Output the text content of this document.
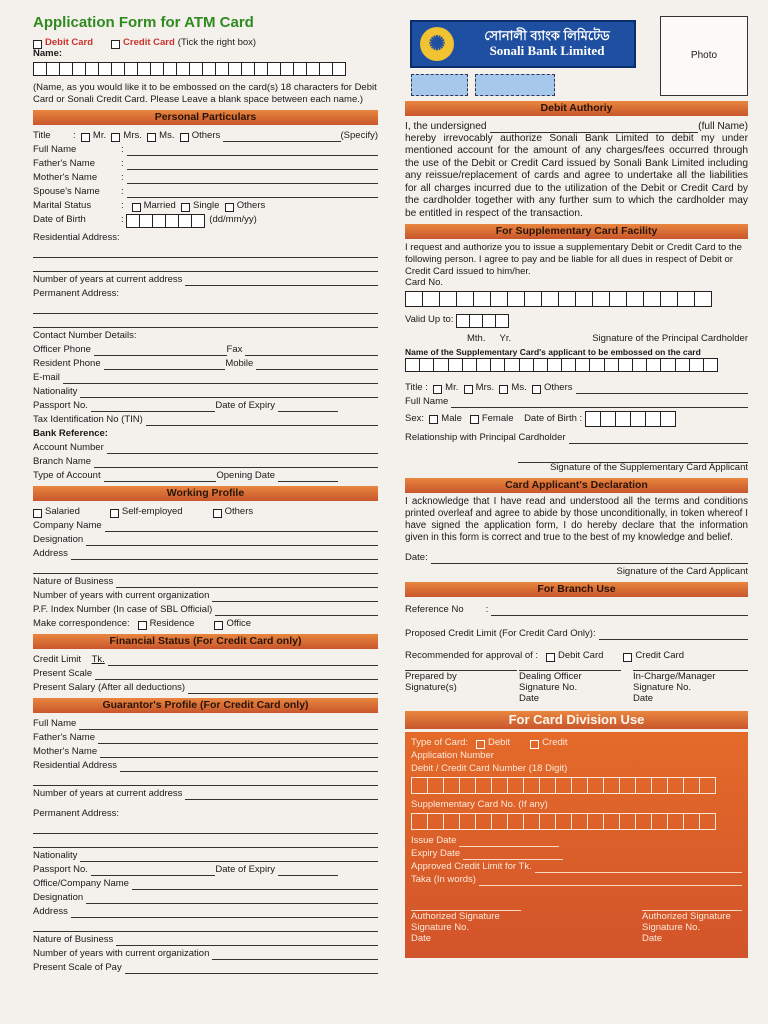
Application Form for ATM Card
Debit Card	Credit Card (Tick the right box)
Name:
(Name, as you would like it to be embossed on the card(s) 18 characters for Debit Card or Sonali Credit Card. Please Leave a blank space between each name.)
Personal Particulars
Title	: Mr.
Mrs.
Ms.
Others	(Specify)
Full Name	:
Father's Name	:
Mother's Name	:
Spouse's Name	:
Marital Status	: Married
Single
Others
Date of Birth	:	(dd/mm/yy)
Residential Address:
Number of years at current address
Permanent Address:
Contact Number Details:
Officer Phone	Fax
Resident Phone	Mobile
E-mail
Nationality
Passport No.	Date of Expiry
Tax Identification No (TIN)
Bank Reference:
Account Number
Branch Name
Type of Account	Opening Date
Working Profile
Salaried	Self-employed	Others
Company Name
Designation
Address
Nature of Business
Number of years with current organization
P.F. Index Number (In case of SBL Official)
Make correspondence:
Residence	Office
Financial Status (For Credit Card only)
Credit Limit
Tk.
Present Scale
Present Salary (After all deductions)
Guarantor's Profile (For Credit Card only)
Full Name
Father's Name
Mother's Name
Residential Address
Number of years at current address
Permanent Address:
Nationality
Passport No.	Date of Expiry
Office/Company Name
Designation
Address
Nature of Business
Number of years with current organization
Present Scale of Pay
✺	সোনালী ব্যাংক লিমিটেড
Sonali Bank Limited	Photo
Debit Authoriy
I, the undersigned	(full Name)
hereby irrevocably authorize Sonali Bank Limited to debit my under mentioned account for the amount of any charges/fees occurred through the use of the Debit or Credit Card issued by Sonali Bank Limited including any reissue/replacement of cards and agree to undertake all the liabilities for all charges incurred due to the utilization of the Debit or Credit Card by the cardholder together with any further sum to which the cardholder may be entitled in respect of the transaction.
For Supplementary Card Facility
I request and authorize you to issue a supplementary Debit or Credit Card to the following person. I agree to pay and be liable for all dues in respect of Debit or Credit Card issued to him/her.
Card No.
Valid Up to:
Mth. Yr.	Signature of the Principal Cardholder
Name of the Supplementary Card's applicant to be embossed on the card
Title : Mr.
Mrs.
Ms.
Others
Full Name
Sex:
Male
Female
Date of Birth :

Relationship with Principal Cardholder
Signature of the Supplementary Card Applicant
Card Applicant's Declaration
I acknowledge that I have read and understood all the terms and conditions printed overleaf and agree to abide by those unconditionally, in token whereof I have signed the application form, I do hereby declare that the information given in this form is correct and true to the best of my knowledge and belief.
Date:
Signature of the Card Applicant
For Branch Use
Reference No :
Proposed Credit Limit (For Credit Card Only):
Recommended for approval of :
Debit Card	Credit Card
Prepared by
Signature(s)
Dealing Officer
Signature No.
Date
In-Charge/Manager
Signature No.
Date
For Card Division Use
Type of Card:
Debit	Credit
Application Number
Debit / Credit Card Number (18 Digit)
Supplementary Card No. (If any)
Issue Date
Expiry Date
Approved Credit Limit for Tk.
Taka (In words)
Authorized Signature
Signature No.
Date
Authorized Signature
Signature No.
Date
